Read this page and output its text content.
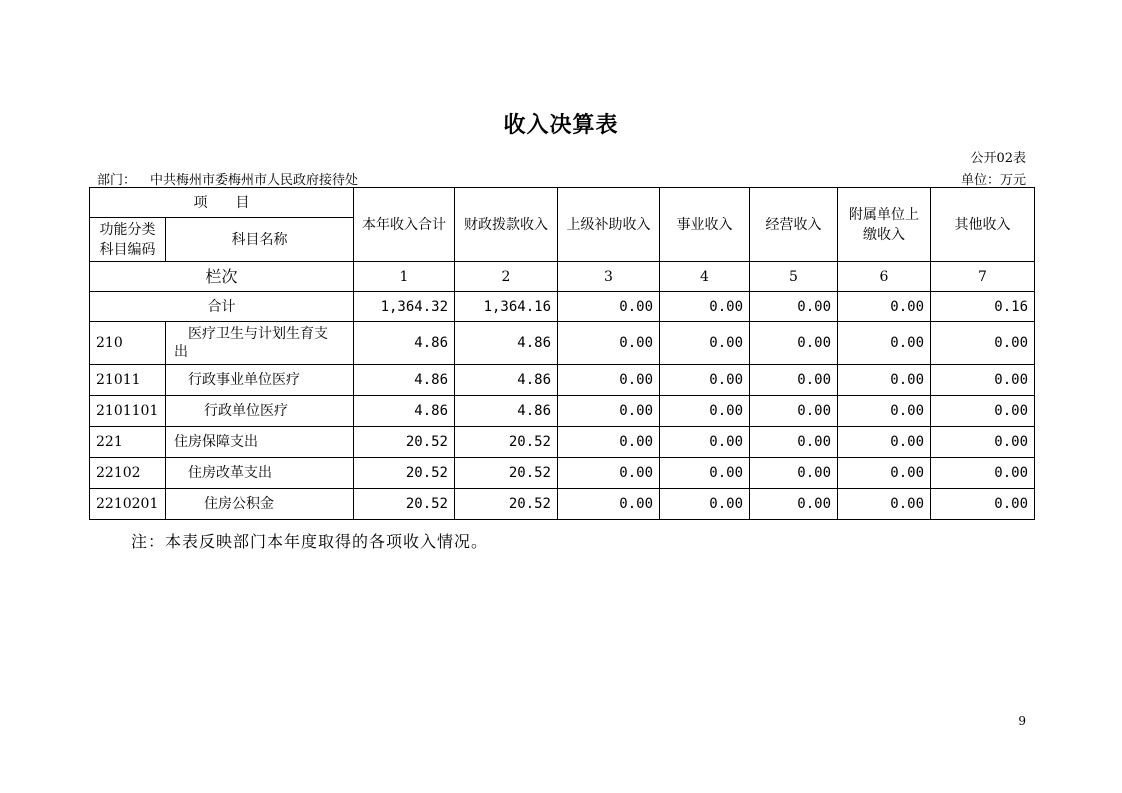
收入决算表
公开02表
部门： 中共梅州市委梅州市人民政府接待处	单位：万元
项　　目		本年收入合计	财政拨款收入	上级补助收入	事业收入	经营收入	附属单位上
缴收入	其他收入
功能分类
科目编码	科目名称							
栏次		1	2	3	4	5	6	7
合计		1,364.32	1,364.16	0.00	0.00	0.00	0.00	0.16
210	医疗卫生与计划生育支出	4.86	4.86	0.00	0.00	0.00	0.00	0.00
21011	行政事业单位医疗	4.86	4.86	0.00	0.00	0.00	0.00	0.00
2101101	行政单位医疗	4.86	4.86	0.00	0.00	0.00	0.00	0.00
221	住房保障支出	20.52	20.52	0.00	0.00	0.00	0.00	0.00
22102	住房改革支出	20.52	20.52	0.00	0.00	0.00	0.00	0.00
2210201	住房公积金	20.52	20.52	0.00	0.00	0.00	0.00	0.00
注：本表反映部门本年度取得的各项收入情况。
9
